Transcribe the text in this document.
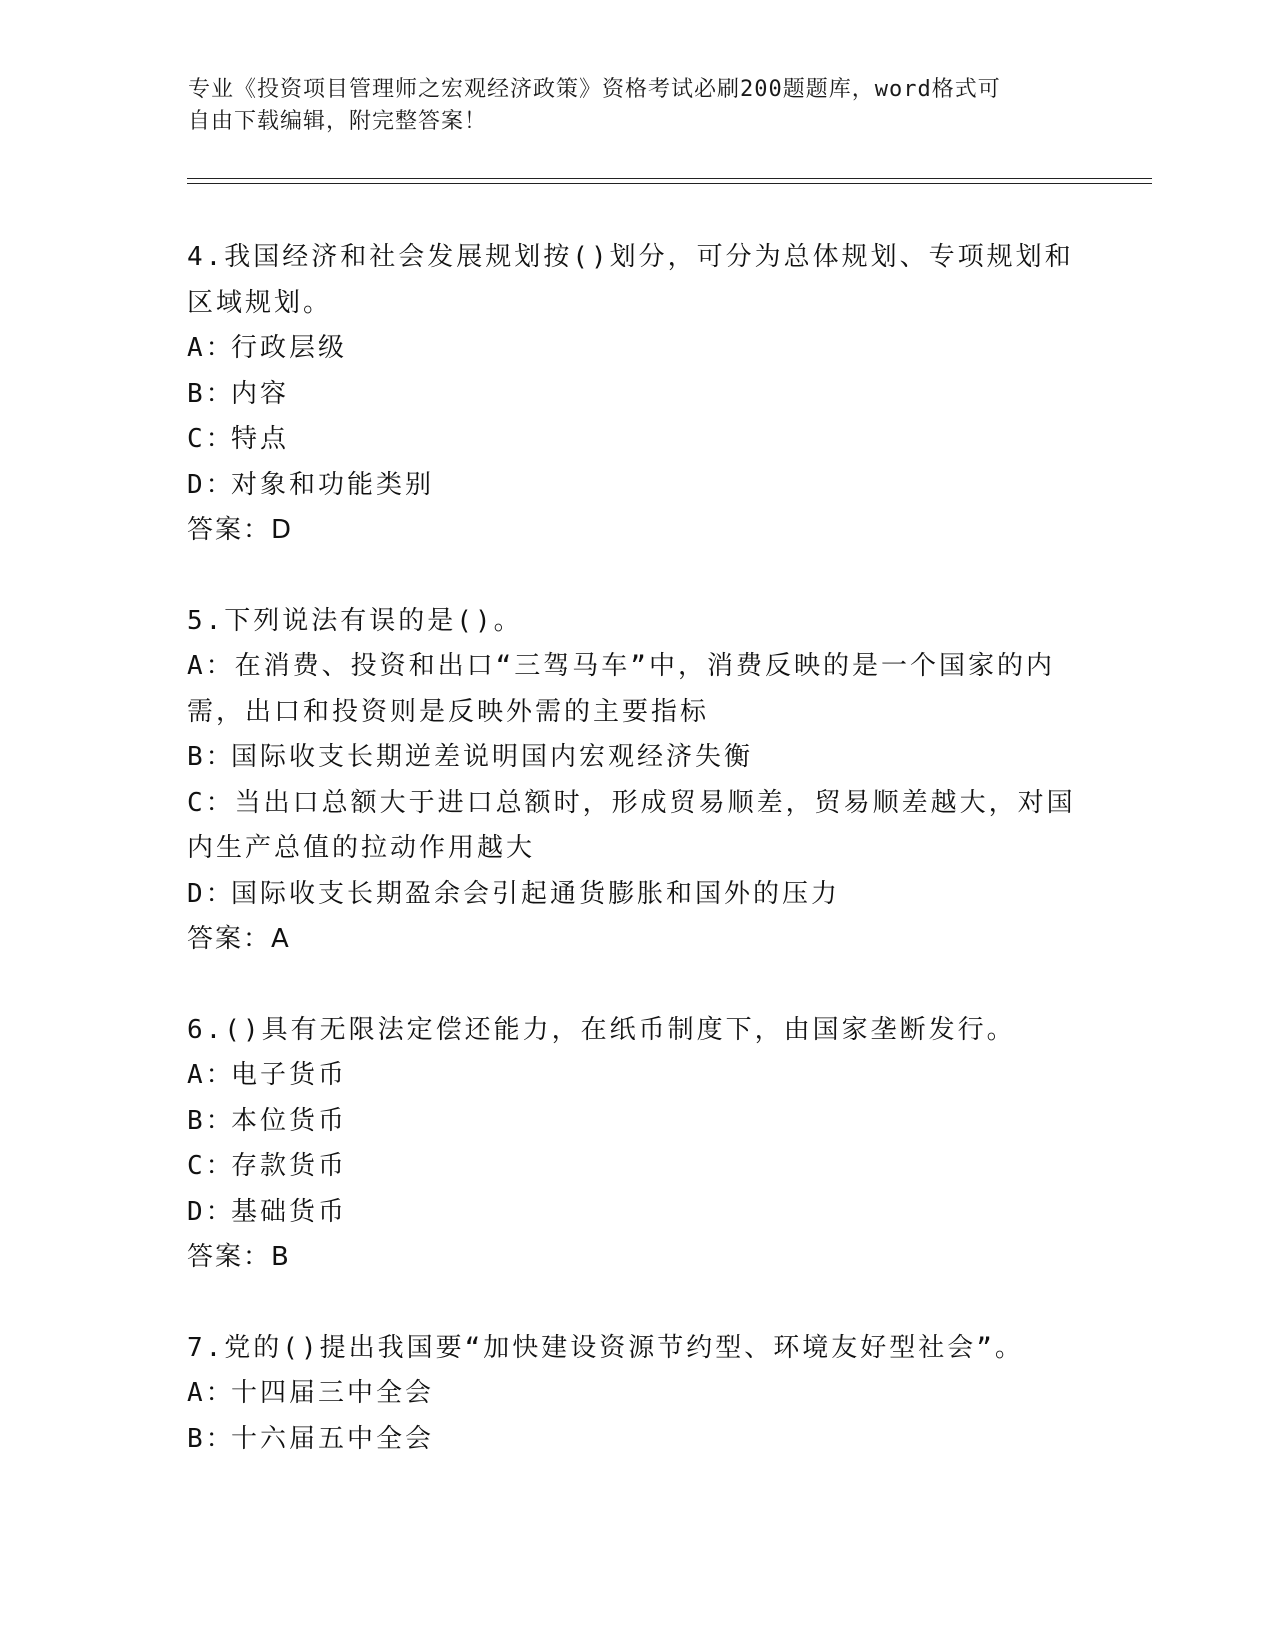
专业《投资项目管理师之宏观经济政策》资格考试必刷200题题库，word格式可
自由下载编辑，附完整答案！
4.我国经济和社会发展规划按()划分，可分为总体规划、专项规划和
区域规划。
A：
行政层级
B：
内容
C：
特点
D：
对象和功能类别
答案：D
5.下列说法有误的是()。
A：在消费、投资和出口“三驾马车”中，消费反映的是一个国家的内
需，出口和投资则是反映外需的主要指标
B：
国际收支长期逆差说明国内宏观经济失衡
C：当出口总额大于进口总额时，形成贸易顺差，贸易顺差越大，对国
内生产总值的拉动作用越大
D：
国际收支长期盈余会引起通货膨胀和国外的压力
答案：A
6.()具有无限法定偿还能力，在纸币制度下，由国家垄断发行。
A：
电子货币
B：
本位货币
C：
存款货币
D：
基础货币
答案：B
7.党的()提出我国要“加快建设资源节约型、环境友好型社会”。
A：
十四届三中全会
B：
十六届五中全会
